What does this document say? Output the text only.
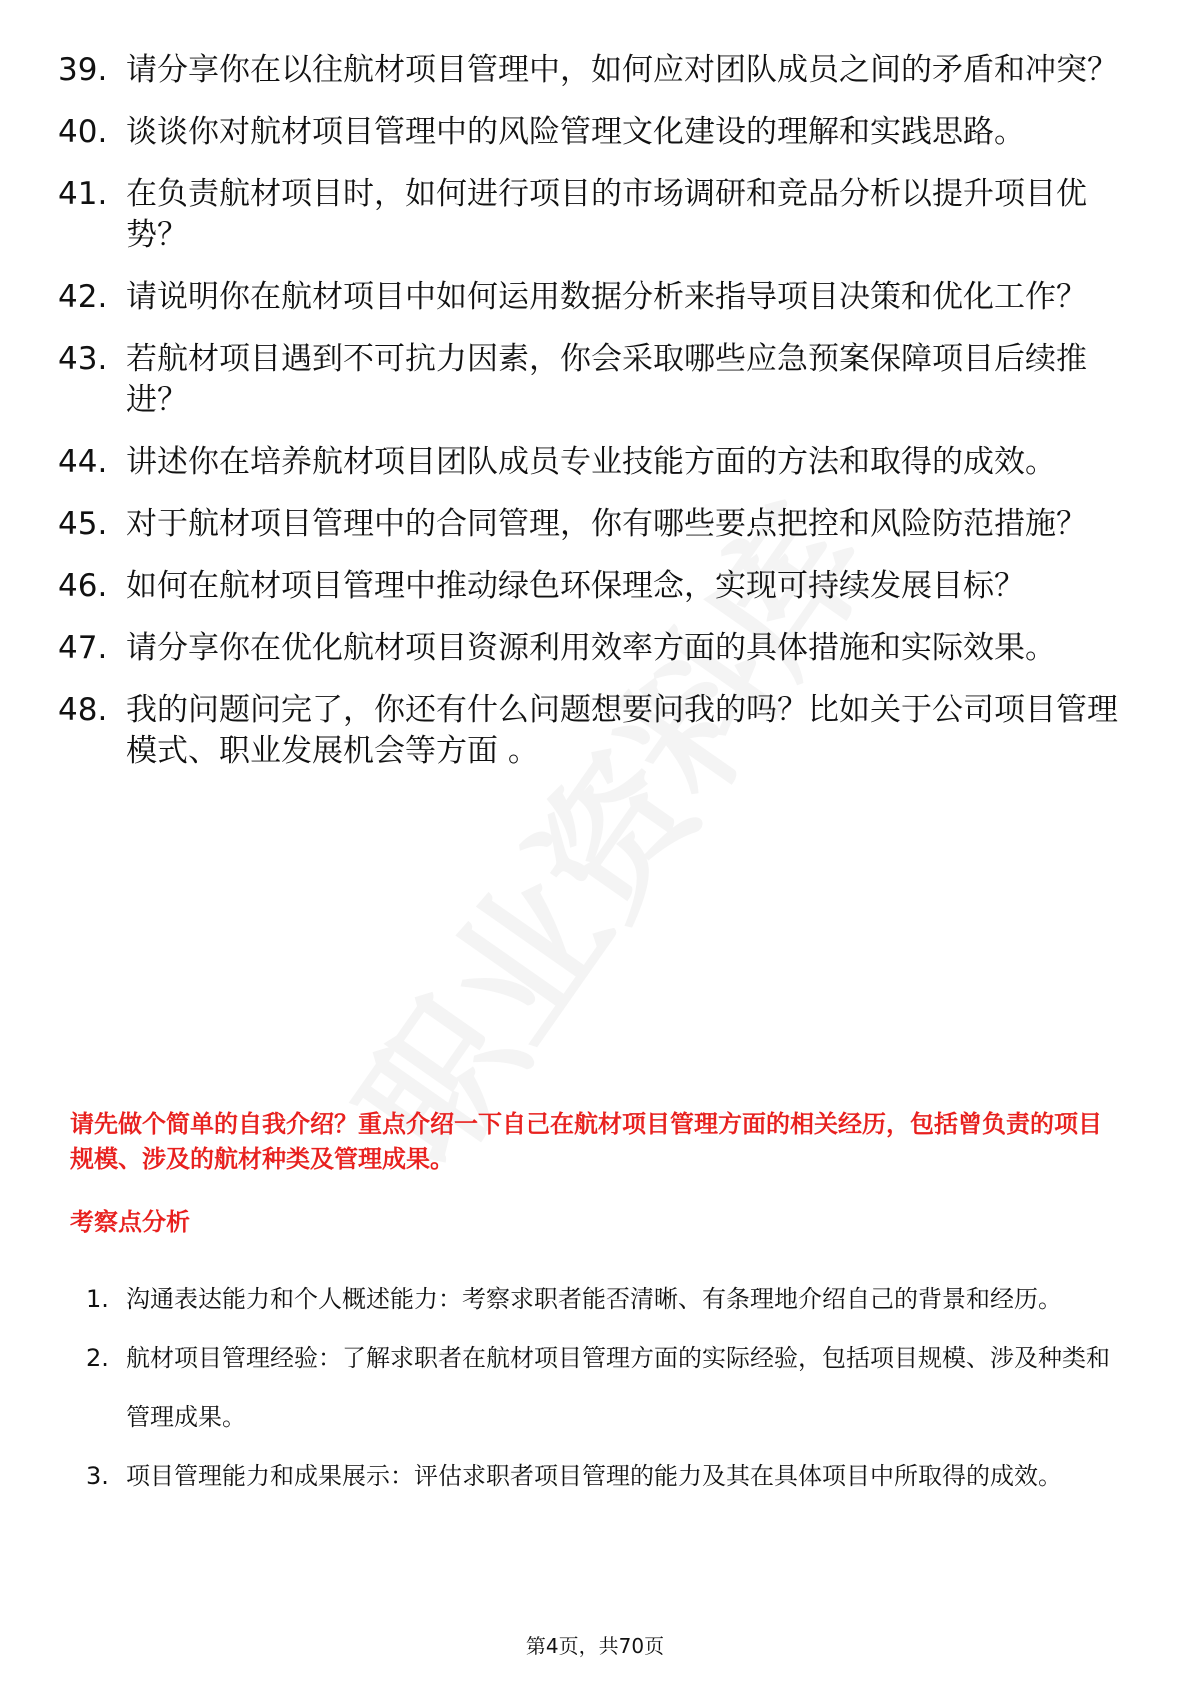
39. 请分享你在以往航材项目管理中，如何应对团队成员之间的矛盾和冲突？
40. 谈谈你对航材项目管理中的风险管理文化建设的理解和实践思路。
41. 在负责航材项目时，如何进行项目的市场调研和竞品分析以提升项目优势？
42. 请说明你在航材项目中如何运用数据分析来指导项目决策和优化工作？
43. 若航材项目遇到不可抗力因素，你会采取哪些应急预案保障项目后续推进？
44. 讲述你在培养航材项目团队成员专业技能方面的方法和取得的成效。
45. 对于航材项目管理中的合同管理，你有哪些要点把控和风险防范措施？
46. 如何在航材项目管理中推动绿色环保理念，实现可持续发展目标？
47. 请分享你在优化航材项目资源利用效率方面的具体措施和实际效果。
48. 我的问题问完了，你还有什么问题想要问我的吗？比如关于公司项目管理模式、职业发展机会等方面 。
请先做个简单的自我介绍？重点介绍一下自己在航材项目管理方面的相关经历，包括曾负责的项目规模、涉及的航材种类及管理成果。
考察点分析
1. 沟通表达能力和个人概述能力：考察求职者能否清晰、有条理地介绍自己的背景和经历。
2. 航材项目管理经验：了解求职者在航材项目管理方面的实际经验，包括项目规模、涉及种类和管理成果。
3. 项目管理能力和成果展示：评估求职者项目管理的能力及其在具体项目中所取得的成效。
第4页，共70页
